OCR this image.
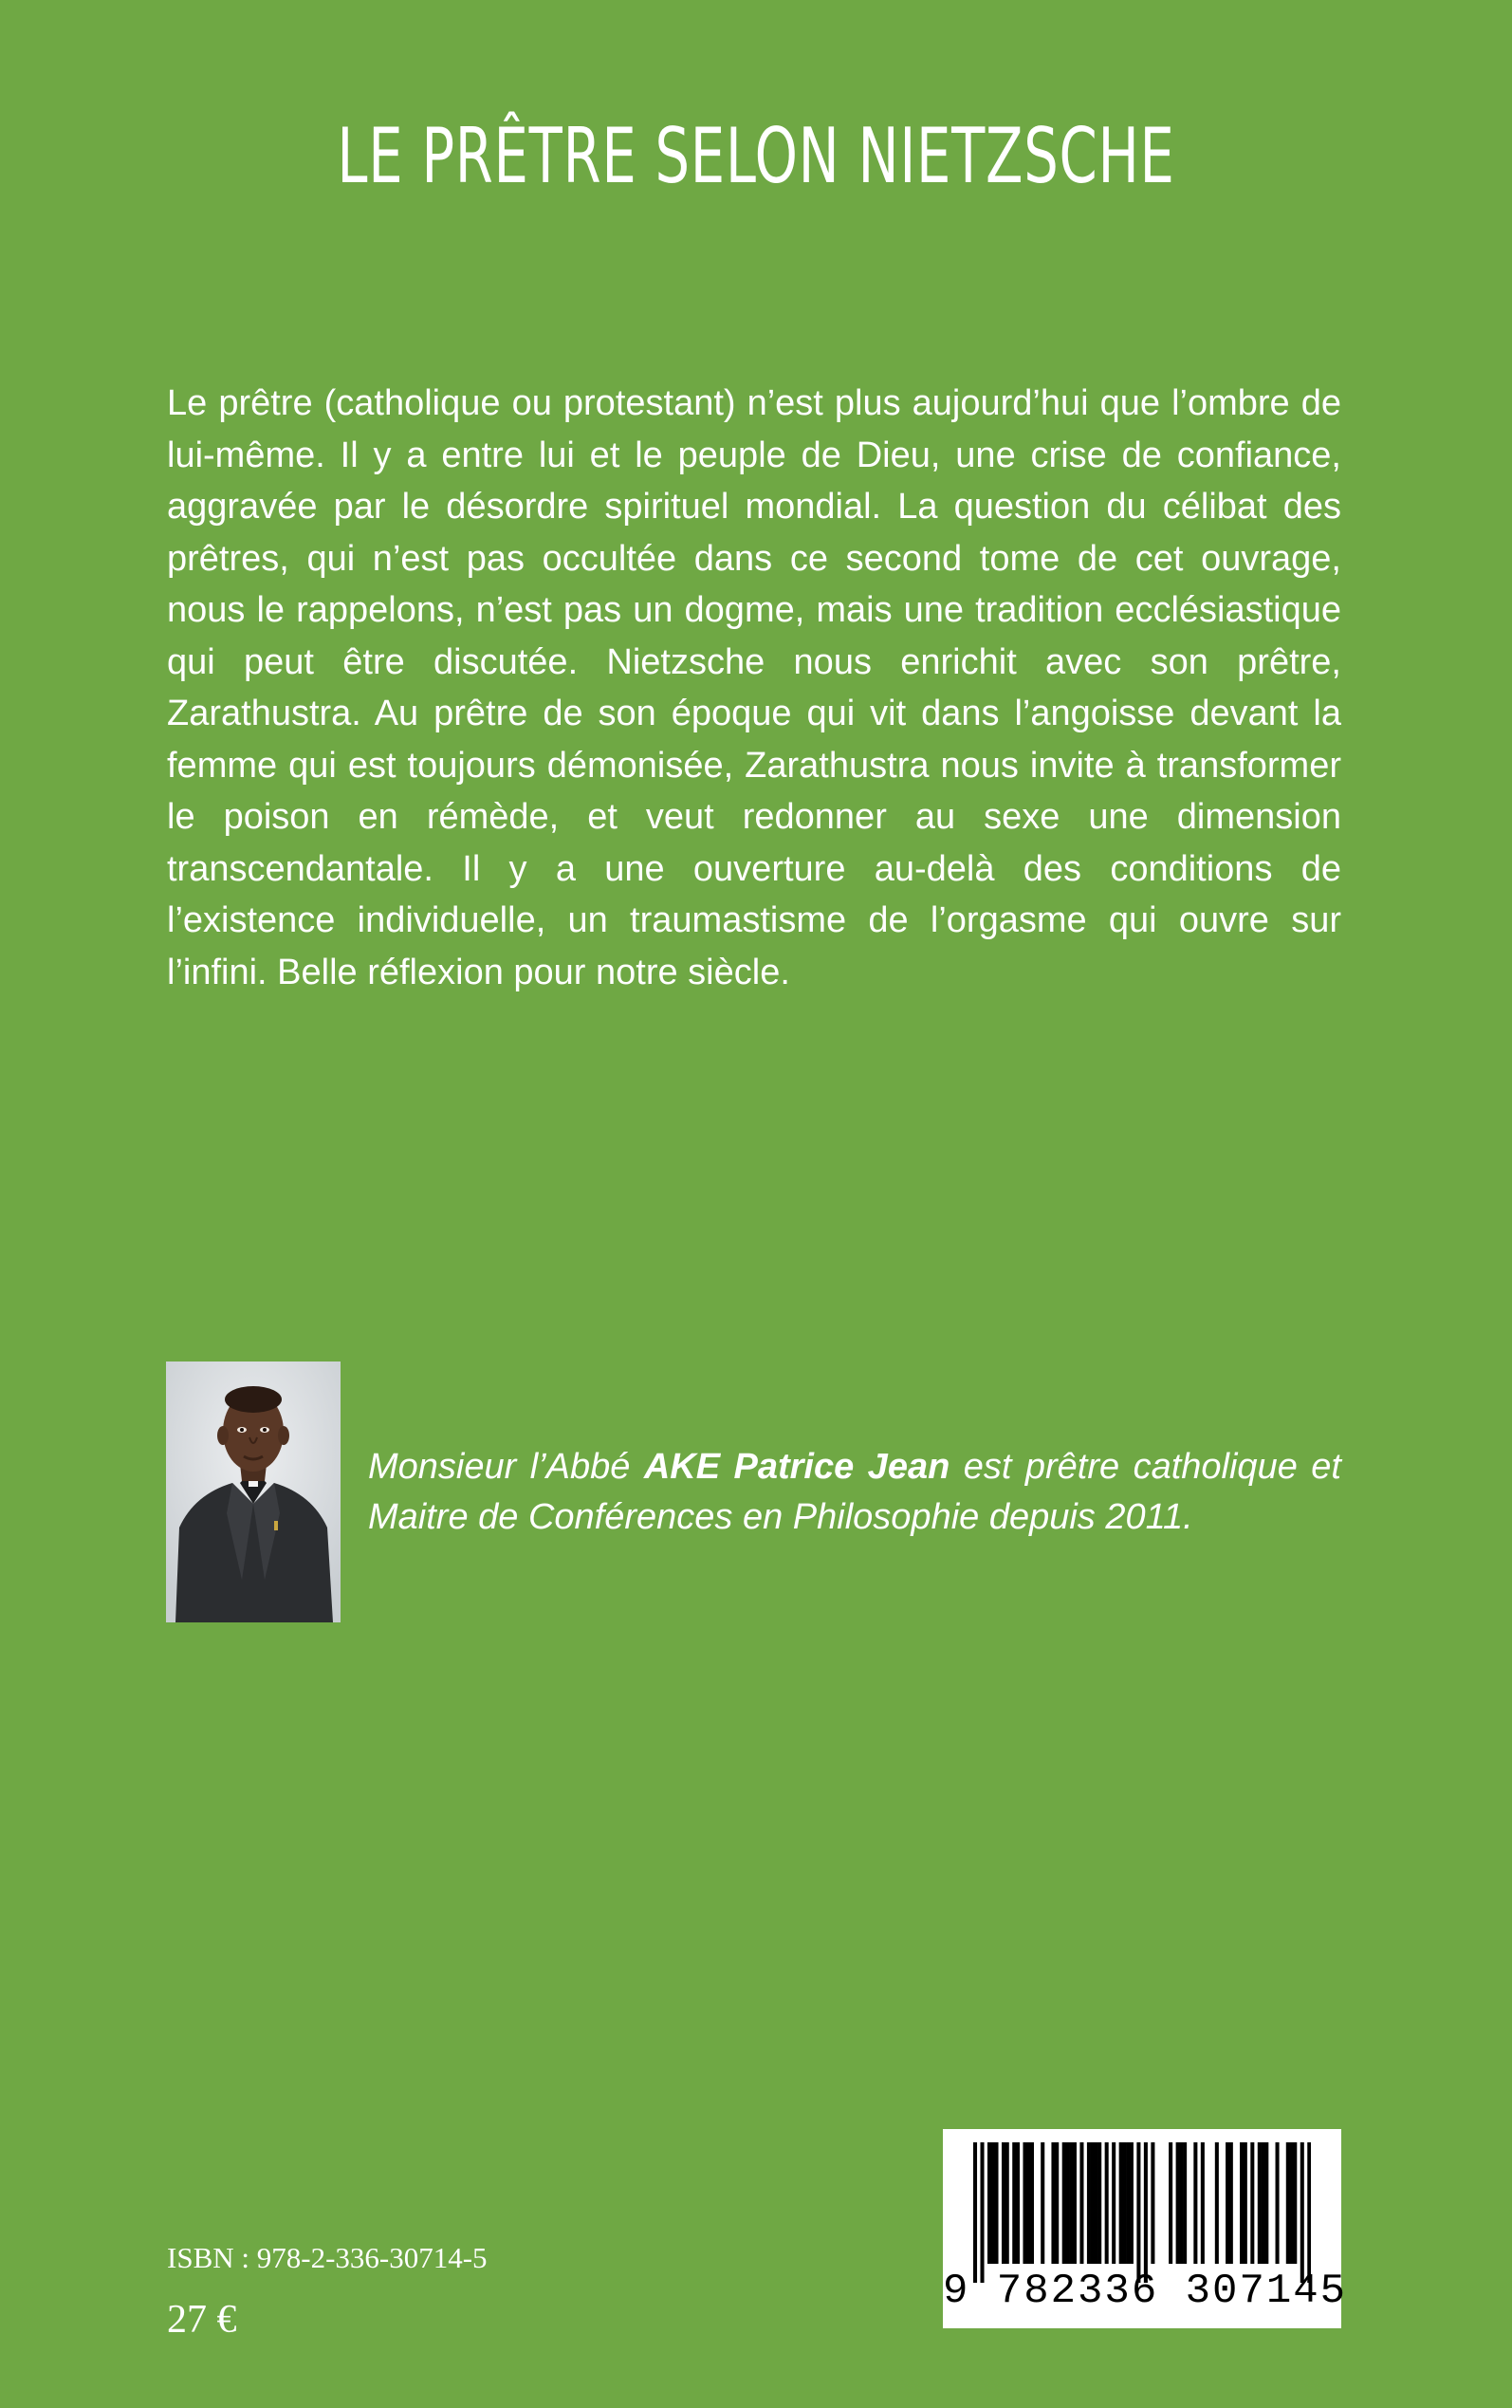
LE PRÊTRE SELON NIETZSCHE
Le prêtre (catholique ou protestant) n’est plus aujourd’hui que l’ombre de lui-même. Il y a entre lui et le peuple de Dieu, une crise de confiance, aggravée par le désordre spirituel mondial. La question du célibat des prêtres, qui n’est pas occultée dans ce second tome de cet ouvrage, nous le rappelons, n’est pas un dogme, mais une tradition ecclésiastique qui peut être discutée. Nietzsche nous enrichit avec son prêtre, Zarathustra. Au prêtre de son époque qui vit dans l’angoisse devant la femme qui est toujours démonisée, Zarathustra nous invite à transformer le poison en rémède, et veut redonner au sexe une dimension transcendantale. Il y a une ouverture au-delà des conditions de l’existence individuelle, un traumastisme de l’orgasme qui ouvre sur l’infini. Belle réflexion pour notre siècle.
Monsieur l’Abbé AKE Patrice Jean est prêtre catholique et Maitre de Conférences en Philosophie depuis 2011.
ISBN : 978-2-336-30714-5
27 €
9 782336 307145
